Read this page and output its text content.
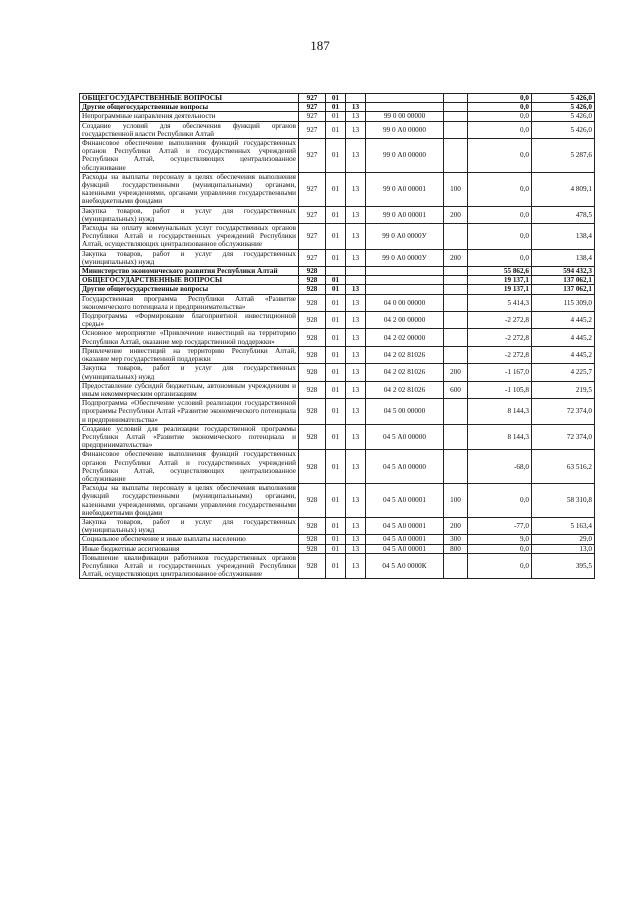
187
ОБЩЕГОСУДАРСТВЕННЫЕ ВОПРОСЫ	927	01				0,0	5 426,0
Другие общегосударственные вопросы	927	01	13			0,0	5 426,0
Непрограммные направления деятельности	927	01	13	99 0 00 00000		0,0	5 426,0
Создание условий для обеспечения функций органов государственной власти Республики Алтай	927	01	13	99 0 А0 00000		0,0	5 426,0
Финансовое обеспечение выполнения функций государственных органов Республики Алтай и государственных учреждений Республики Алтай, осуществляющих централизованное обслуживание	927	01	13	99 0 А0 00000		0,0	5 287,6
Расходы на выплаты персоналу в целях обеспечения выполнения функций государственными (муниципальными) органами, казенными учреждениями, органами управления государственными внебюджетными фондами	927	01	13	99 0 А0 00001	100	0,0	4 809,1
Закупка товаров, работ и услуг для государственных (муниципальных) нужд	927	01	13	99 0 А0 00001	200	0,0	478,5
Расходы на оплату коммунальных услуг государственных органов Республики Алтай и государственных учреждений Республики Алтай, осуществляющих централизованное обслуживание	927	01	13	99 0 А0 0000У		0,0	138,4
Закупка товаров, работ и услуг для государственных (муниципальных) нужд	927	01	13	99 0 А0 0000У	200	0,0	138,4
Министерство экономического развития Республики Алтай	928					55 862,6	594 432,3
ОБЩЕГОСУДАРСТВЕННЫЕ ВОПРОСЫ	928	01				19 137,1	137 062,1
Другие общегосударственные вопросы	928	01	13			19 137,1	137 062,1
Государственная программа Республики Алтай «Развитие экономического потенциала и предпринимательства»	928	01	13	04 0 00 00000		5 414,3	115 309,0
Подпрограмма «Формирование благоприятной инвестиционной среды»	928	01	13	04 2 00 00000		-2 272,8	4 445,2
Основное мероприятие «Привлечение инвестиций на территорию Республики Алтай, оказание мер государственной поддержки»	928	01	13	04 2 02 00000		-2 272,8	4 445,2
Привлечение инвестиций на территорию Республики Алтай, оказание мер государственной поддержки	928	01	13	04 2 02 81026		-2 272,8	4 445,2
Закупка товаров, работ и услуг для государственных (муниципальных) нужд	928	01	13	04 2 02 81026	200	-1 167,0	4 225,7
Предоставление субсидий бюджетным, автономным учреждениям и иным некоммерческим организациям	928	01	13	04 2 02 81026	600	-1 105,8	219,5
Подпрограмма «Обеспечение условий реализации государственной программы Республики Алтай «Развитие экономического потенциала и предпринимательства»	928	01	13	04 5 00 00000		8 144,3	72 374,0
Создание условий для реализации государственной программы Республики Алтай «Развитие экономического потенциала и предпринимательства»	928	01	13	04 5 А0 00000		8 144,3	72 374,0
Финансовое обеспечение выполнения функций государственных органов Республики Алтай и государственных учреждений Республики Алтай, осуществляющих централизованное обслуживание	928	01	13	04 5 А0 00000		-68,0	63 516,2
Расходы на выплаты персоналу в целях обеспечения выполнения функций государственными (муниципальными) органами, казенными учреждениями, органами управления государственными внебюджетными фондами	928	01	13	04 5 А0 00001	100	0,0	58 310,8
Закупка товаров, работ и услуг для государственных (муниципальных) нужд	928	01	13	04 5 А0 00001	200	-77,0	5 163,4
Социальное обеспечение и иные выплаты населению	928	01	13	04 5 А0 00001	300	9,0	29,0
Иные бюджетные ассигнования	928	01	13	04 5 А0 00001	800	0,0	13,0
Повышение квалификации работников государственных органов Республики Алтай и государственных учреждений Республики Алтай, осуществляющих централизованное обслуживание	928	01	13	04 5 А0 0000К		0,0	395,5
